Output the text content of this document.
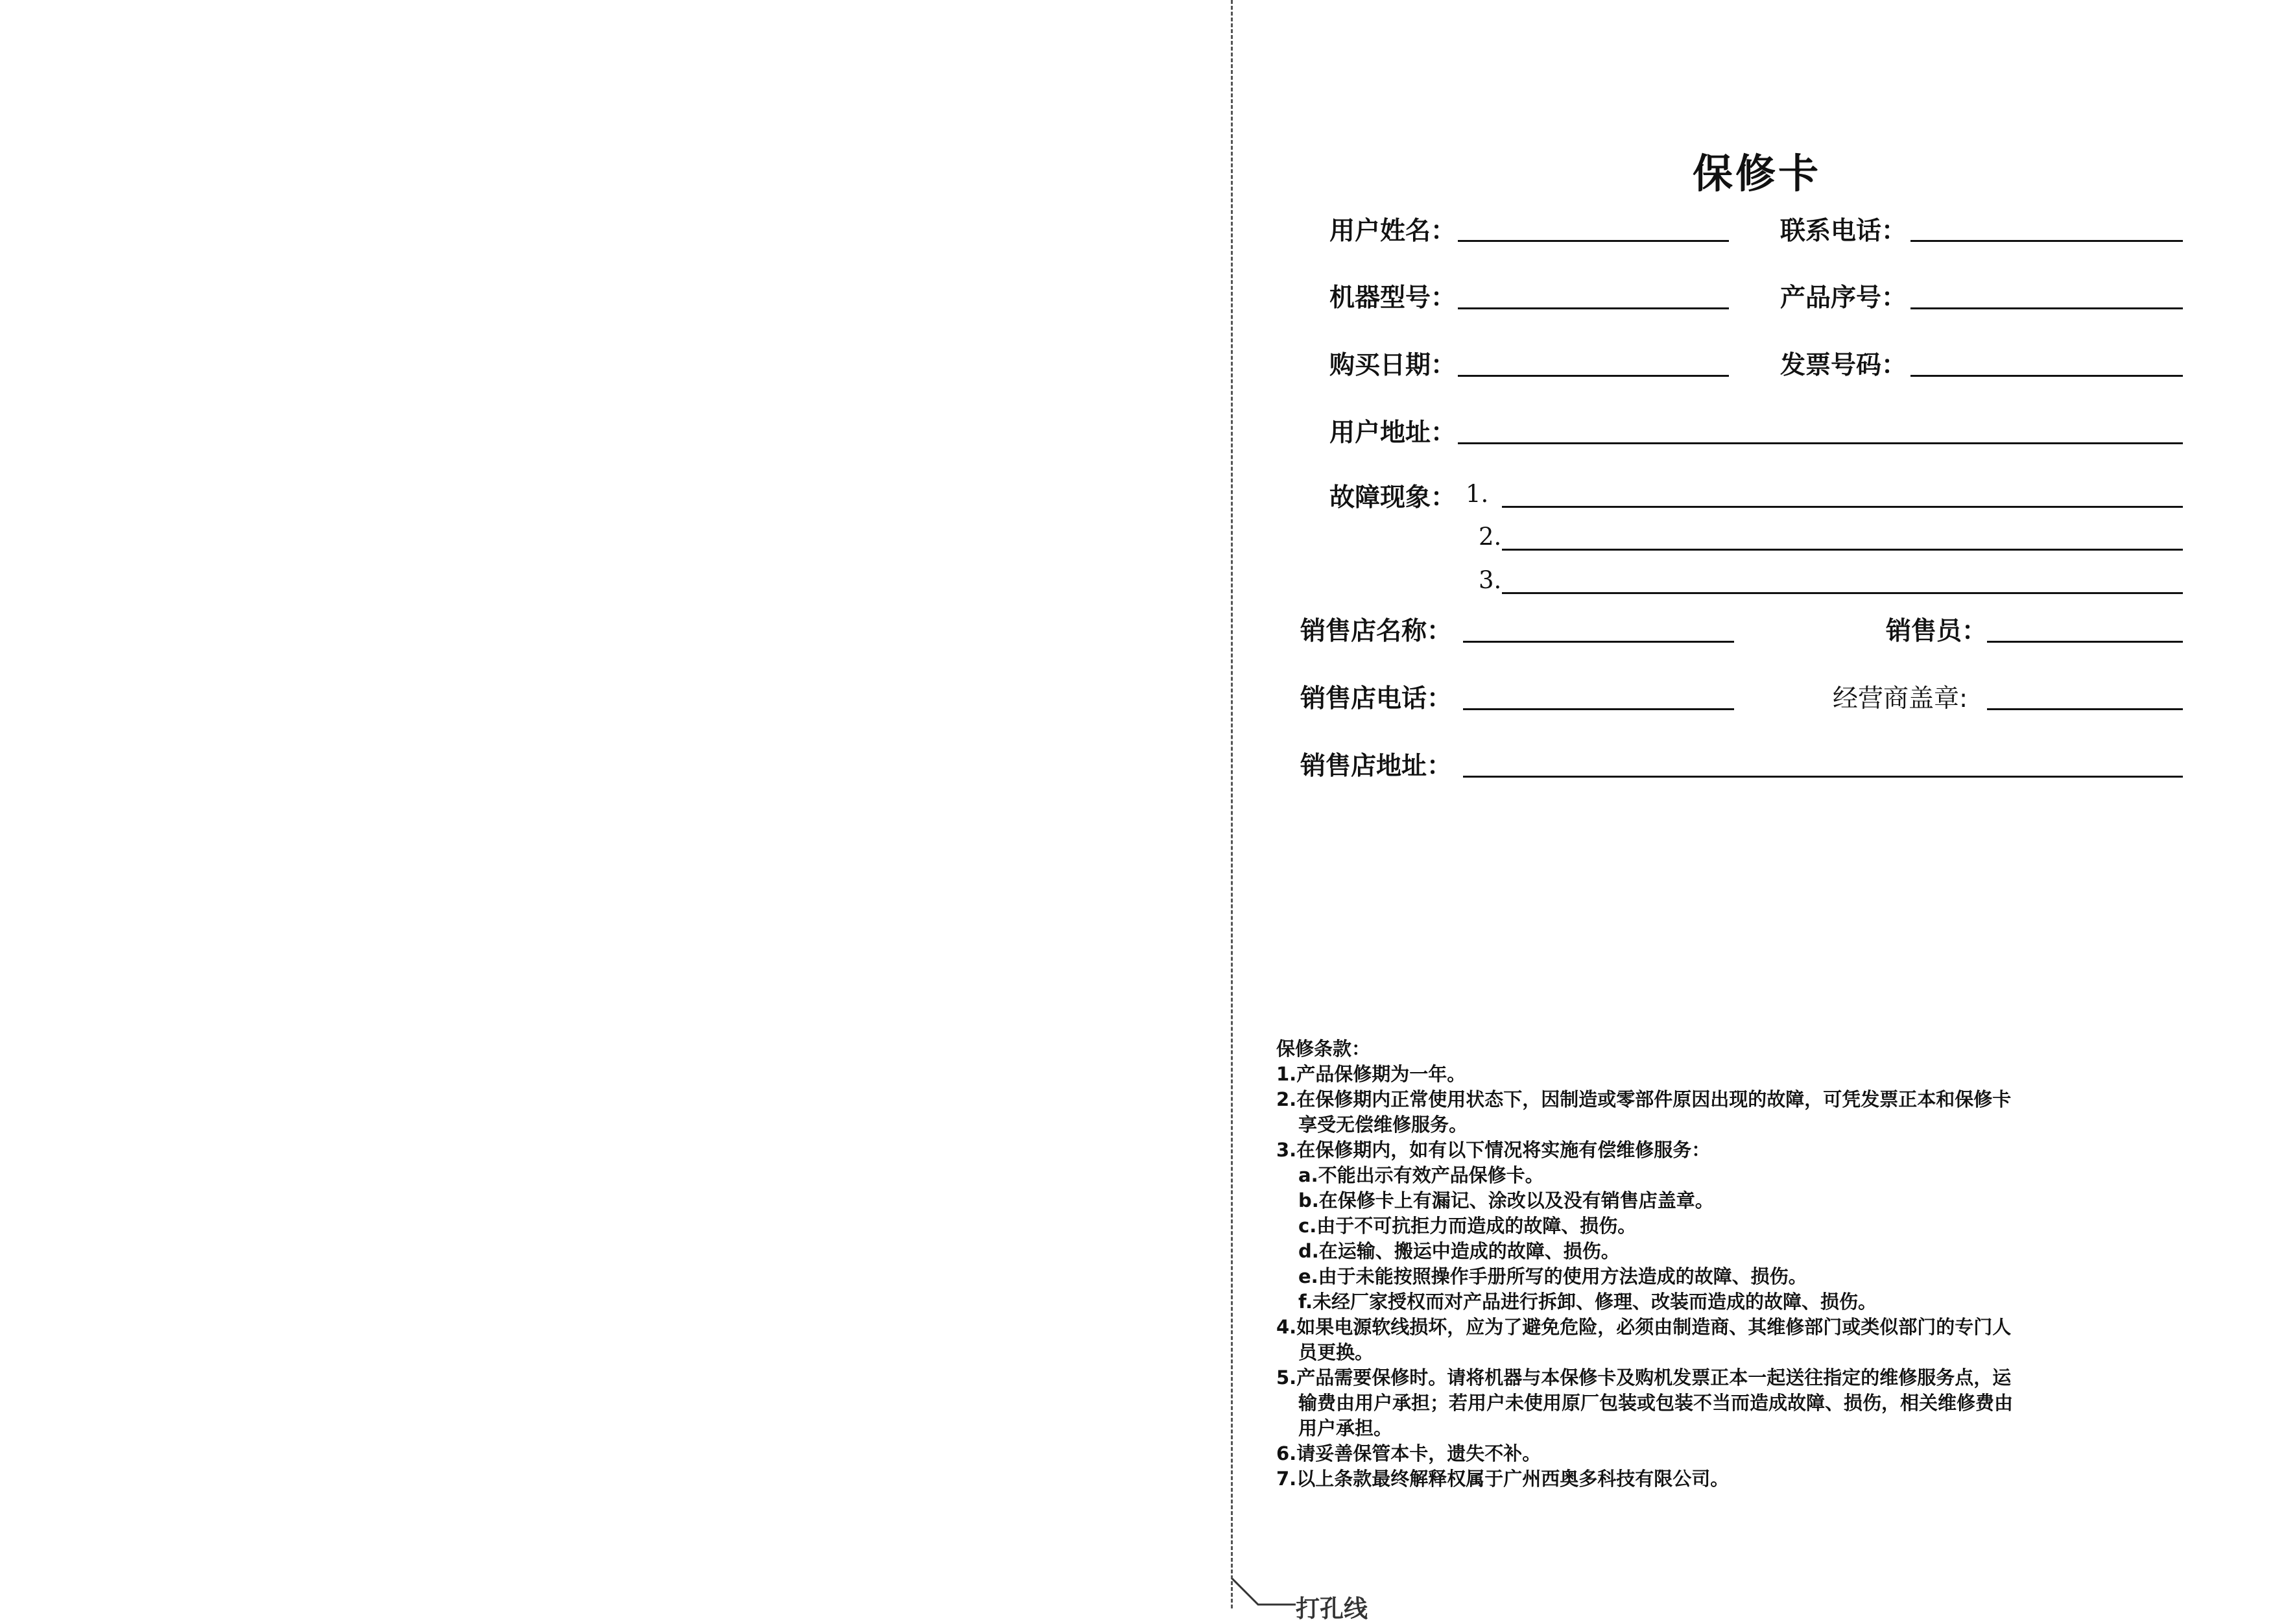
保修卡
用户姓名：	联系电话：
机器型号：	产品序号：
购买日期：	发票号码：
用户地址：
故障现象： 1.
2.
3.
销售店名称：	销售员：
销售店电话：	经营商盖章:
销售店地址：
保修条款：
1.产品保修期为一年。
2.在保修期内正常使用状态下，因制造或零部件原因出现的故障，可凭发票正本和保修卡
享受无偿维修服务。
3.在保修期内，如有以下情况将实施有偿维修服务：
a.不能出示有效产品保修卡。
b.在保修卡上有漏记、涂改以及没有销售店盖章。
c.由于不可抗拒力而造成的故障、损伤。
d.在运输、搬运中造成的故障、损伤。
e.由于未能按照操作手册所写的使用方法造成的故障、损伤。
f.未经厂家授权而对产品进行拆卸、修理、改装而造成的故障、损伤。
4.如果电源软线损坏，应为了避免危险，必须由制造商、其维修部门或类似部门的专门人
员更换。
5.产品需要保修时。请将机器与本保修卡及购机发票正本一起送往指定的维修服务点，运
输费由用户承担；若用户未使用原厂包装或包装不当而造成故障、损伤，相关维修费由
用户承担。
6.请妥善保管本卡，遗失不补。
7.以上条款最终解释权属于广州西奥多科技有限公司。
打孔线
